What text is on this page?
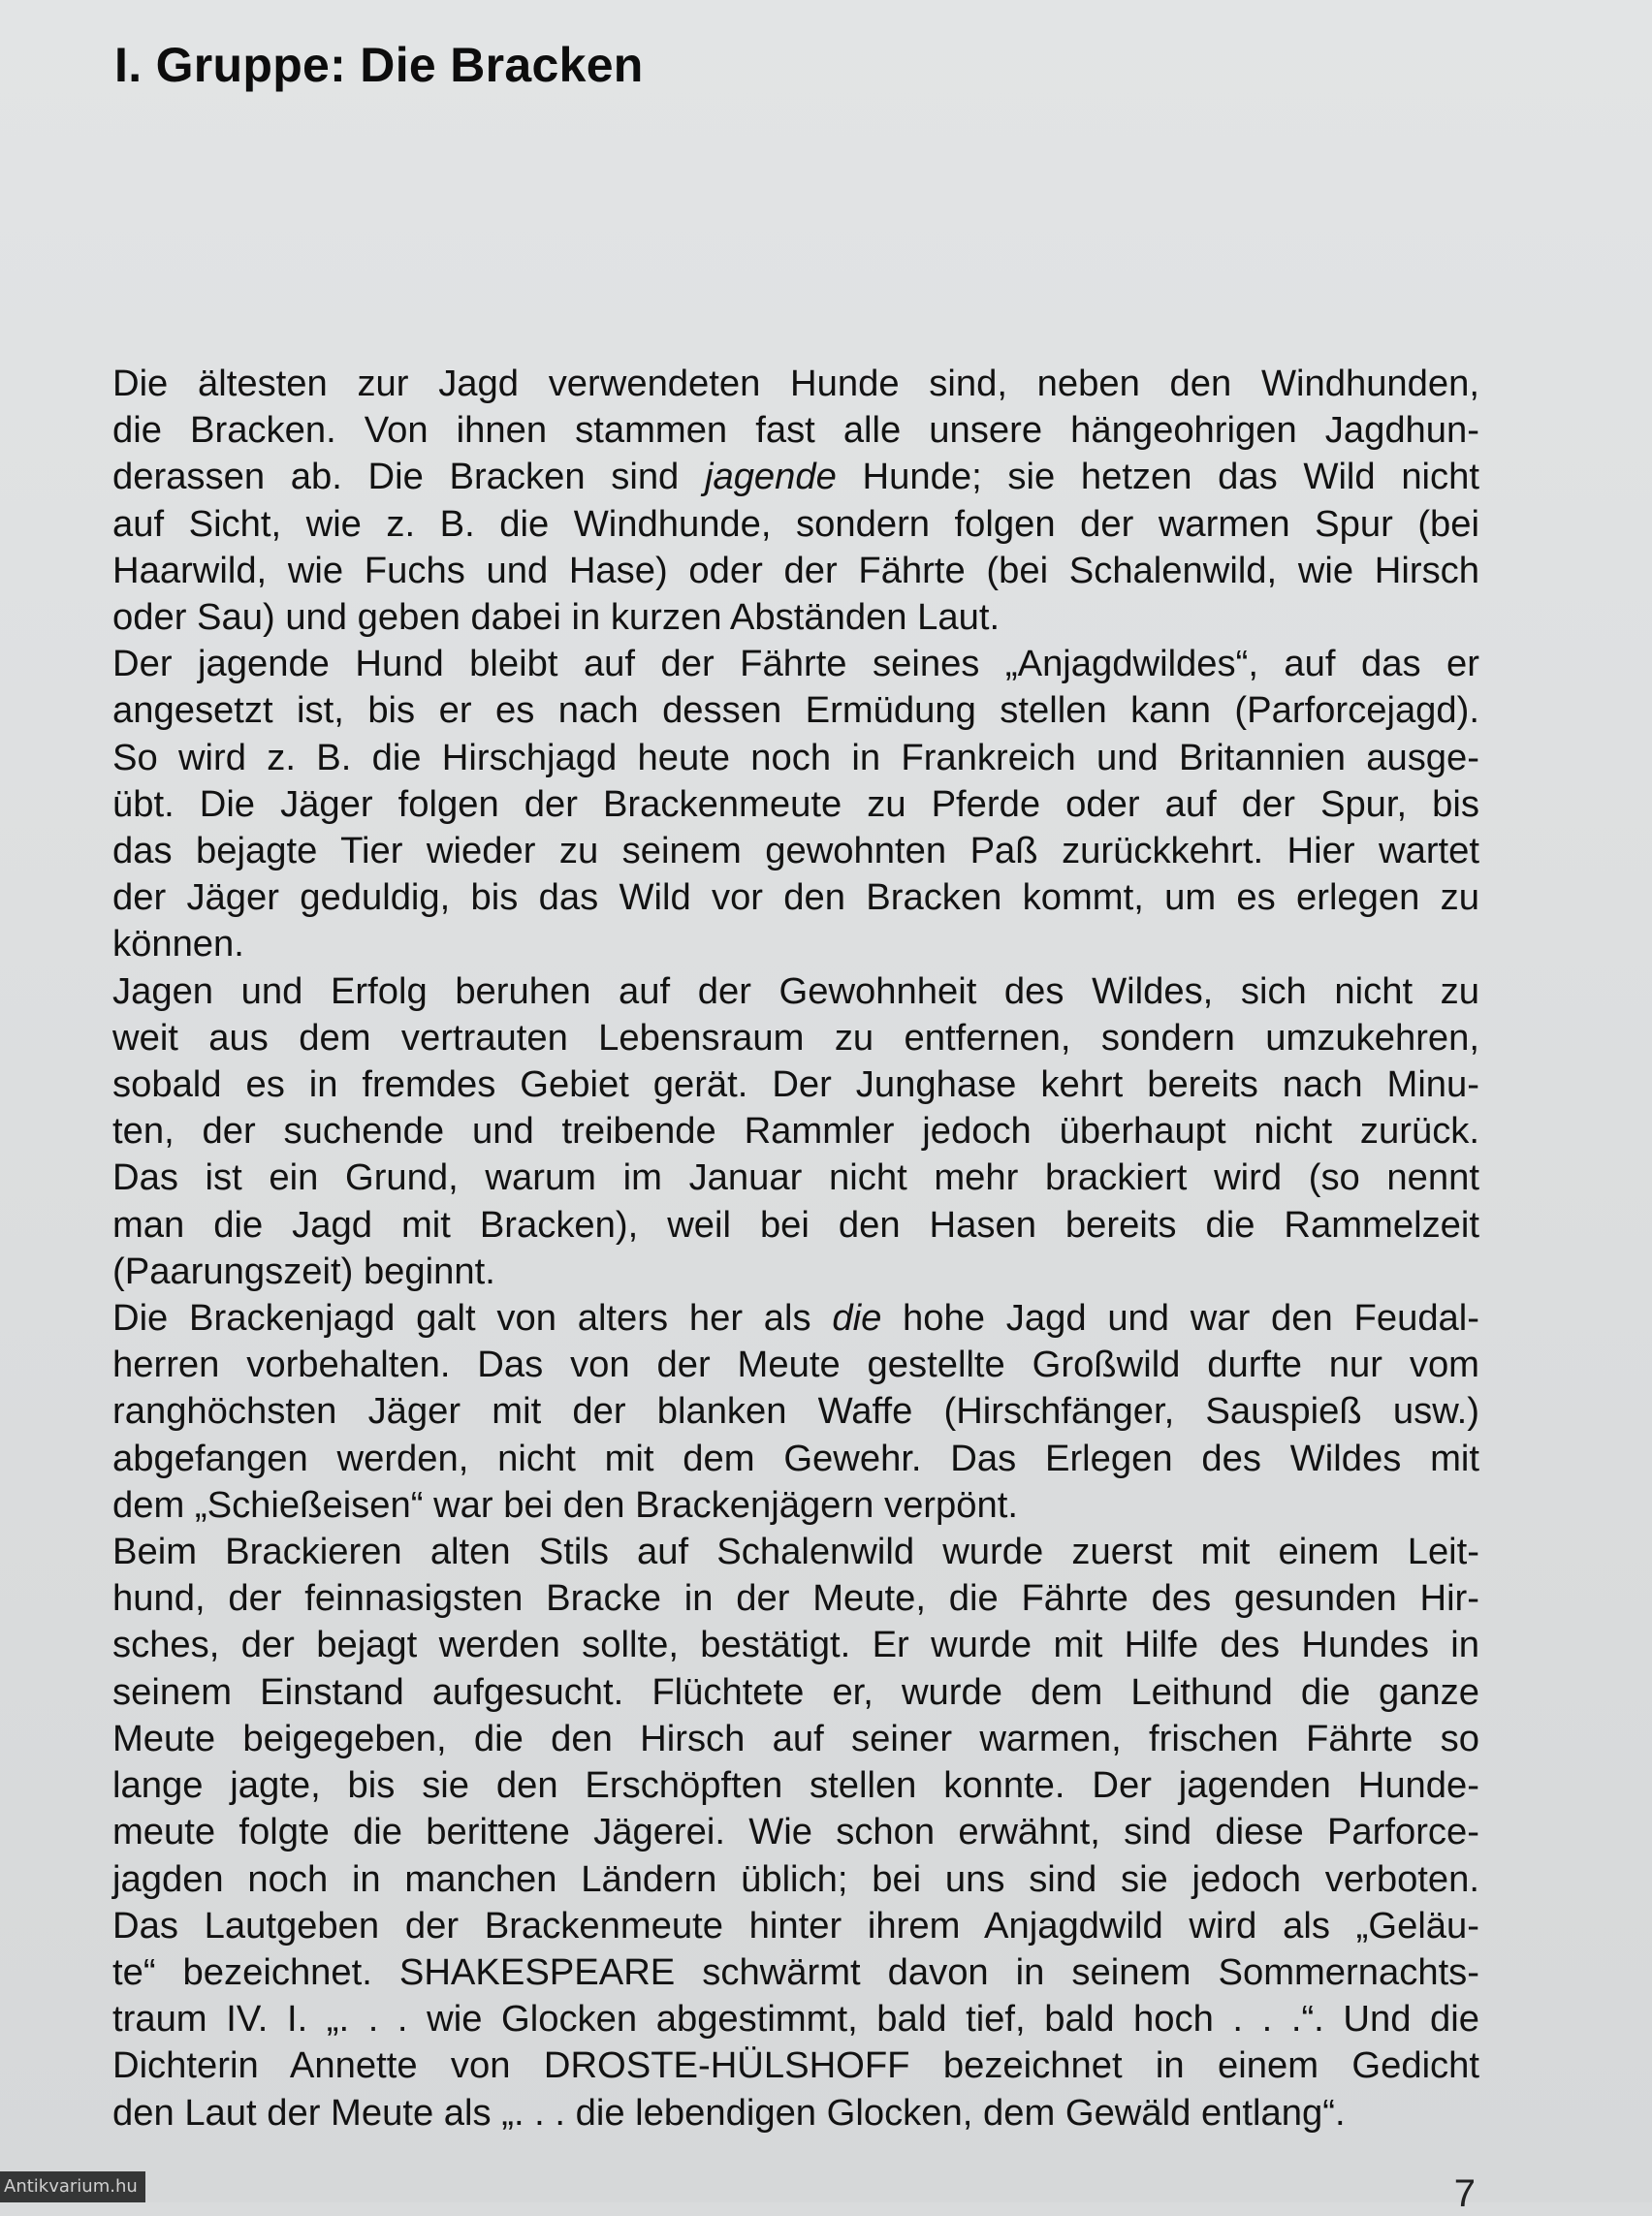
I. Gruppe: Die Bracken

Die ältesten zur Jagd verwendeten Hunde sind, neben den Windhunden,
die Bracken. Von ihnen stammen fast alle unsere hängeohrigen Jagdhun-
derassen ab. Die Bracken sind jagende Hunde; sie hetzen das Wild nicht
auf Sicht, wie z. B. die Windhunde, sondern folgen der warmen Spur (bei
Haarwild, wie Fuchs und Hase) oder der Fährte (bei Schalenwild, wie Hirsch
oder Sau) und geben dabei in kurzen Abständen Laut.

Der jagende Hund bleibt auf der Fährte seines „Anjagdwildes“, auf das er
angesetzt ist, bis er es nach dessen Ermüdung stellen kann (Parforcejagd).
So wird z. B. die Hirschjagd heute noch in Frankreich und Britannien ausge-
übt. Die Jäger folgen der Brackenmeute zu Pferde oder auf der Spur, bis
das bejagte Tier wieder zu seinem gewohnten Paß zurückkehrt. Hier wartet
der Jäger geduldig, bis das Wild vor den Bracken kommt, um es erlegen zu
können.

Jagen und Erfolg beruhen auf der Gewohnheit des Wildes, sich nicht zu
weit aus dem vertrauten Lebensraum zu entfernen, sondern umzukehren,
sobald es in fremdes Gebiet gerät. Der Junghase kehrt bereits nach Minu-
ten, der suchende und treibende Rammler jedoch überhaupt nicht zurück.
Das ist ein Grund, warum im Januar nicht mehr brackiert wird (so nennt
man die Jagd mit Bracken), weil bei den Hasen bereits die Rammelzeit
(Paarungszeit) beginnt.

Die Brackenjagd galt von alters her als die hohe Jagd und war den Feudal-
herren vorbehalten. Das von der Meute gestellte Großwild durfte nur vom
ranghöchsten Jäger mit der blanken Waffe (Hirschfänger, Sauspieß usw.)
abgefangen werden, nicht mit dem Gewehr. Das Erlegen des Wildes mit
dem „Schießeisen“ war bei den Brackenjägern verpönt.

Beim Brackieren alten Stils auf Schalenwild wurde zuerst mit einem Leit-
hund, der feinnasigsten Bracke in der Meute, die Fährte des gesunden Hir-
sches, der bejagt werden sollte, bestätigt. Er wurde mit Hilfe des Hundes in
seinem Einstand aufgesucht. Flüchtete er, wurde dem Leithund die ganze
Meute beigegeben, die den Hirsch auf seiner warmen, frischen Fährte so
lange jagte, bis sie den Erschöpften stellen konnte. Der jagenden Hunde-
meute folgte die berittene Jägerei. Wie schon erwähnt, sind diese Parforce-
jagden noch in manchen Ländern üblich; bei uns sind sie jedoch verboten.
Das Lautgeben der Brackenmeute hinter ihrem Anjagdwild wird als „Geläu-
te“ bezeichnet. SHAKESPEARE schwärmt davon in seinem Sommernachts-
traum IV. I. „. . . wie Glocken abgestimmt, bald tief, bald hoch . . .“. Und die
Dichterin Annette von DROSTE-HÜLSHOFF bezeichnet in einem Gedicht
den Laut der Meute als „. . . die lebendigen Glocken, dem Gewäld entlang“.

7
Antikvarium.hu
